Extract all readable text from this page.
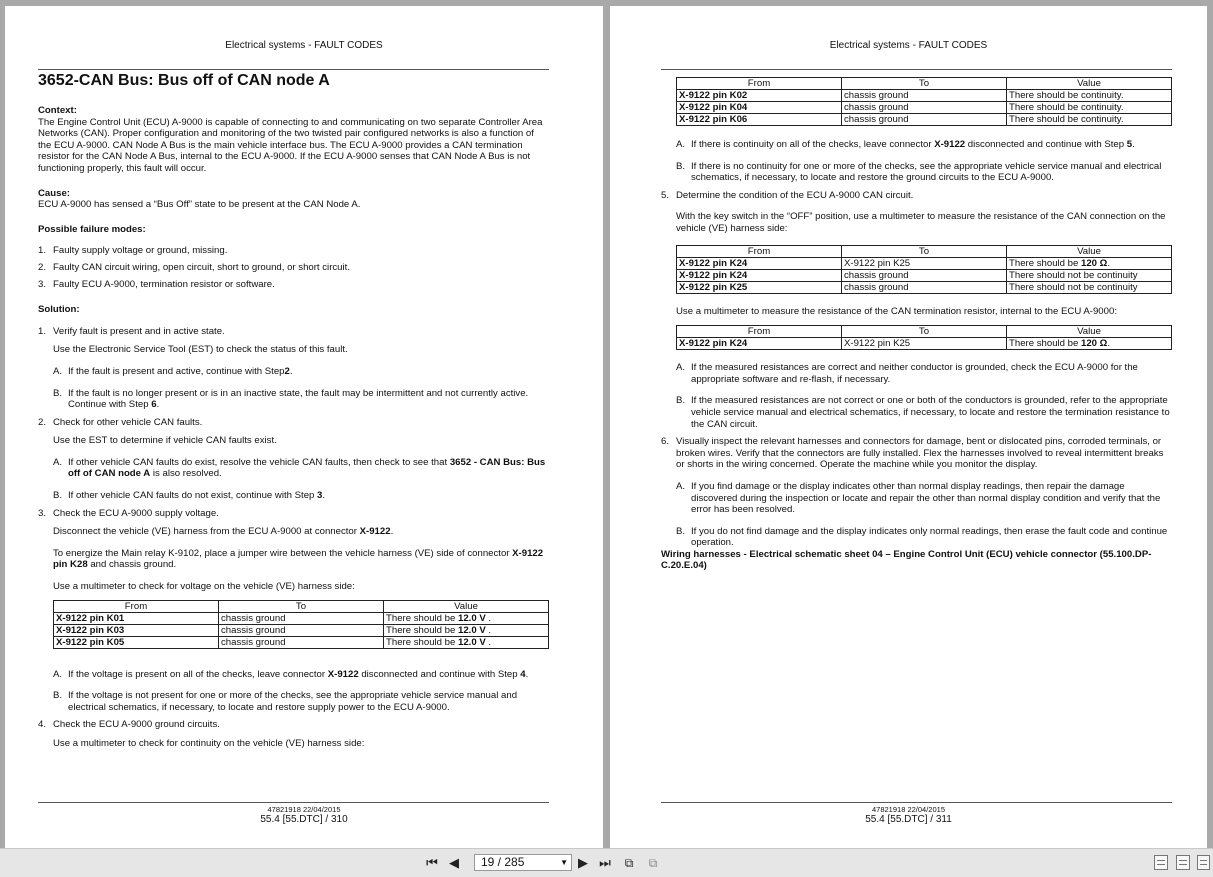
Electrical systems - FAULT CODES
3652-CAN Bus: Bus off of CAN node A

Context:

The Engine Control Unit (ECU) A-9000 is capable of connecting to and communicating on two separate Controller Area Networks (CAN). Proper configuration and monitoring of the two twisted pair configured networks is also a function of the ECU A-9000. CAN Node A Bus is the main vehicle interface bus. The ECU A-9000 provides a CAN termination resistor for the CAN Node A Bus, internal to the ECU A-9000. If the ECU A-9000 senses that CAN Node A Bus is not functioning properly, this fault will occur.

Cause:

ECU A-9000 has sensed a “Bus Off” state to be present at the CAN Node A.

Possible failure modes:

1. Faulty supply voltage or ground, missing.
2. Faulty CAN circuit wiring, open circuit, short to ground, or short circuit.
3. Faulty ECU A-9000, termination resistor or software.

Solution:

1. Verify fault is present and in active state.

Use the Electronic Service Tool (EST) to check the status of this fault.

A. If the fault is present and active, continue with Step2.
B. If the fault is no longer present or is in an inactive state, the fault may be intermittent and not currently active. Continue with Step 6.
2. Check for other vehicle CAN faults.

Use the EST to determine if vehicle CAN faults exist.

A. If other vehicle CAN faults do exist, resolve the vehicle CAN faults, then check to see that 3652 - CAN Bus: Bus off of CAN node A is also resolved.
B. If other vehicle CAN faults do not exist, continue with Step 3.
3. Check the ECU A-9000 supply voltage.

Disconnect the vehicle (VE) harness from the ECU A-9000 at connector X-9122.

To energize the Main relay K-9102, place a jumper wire between the vehicle harness (VE) side of connector X-9122 pin K28 and chassis ground.

Use a multimeter to check for voltage on the vehicle (VE) harness side:

From	To	Value
X-9122 pin K01	chassis ground	There should be 12.0 V .
X-9122 pin K03	chassis ground	There should be 12.0 V .
X-9122 pin K05	chassis ground	There should be 12.0 V .
A. If the voltage is present on all of the checks, leave connector X-9122 disconnected and continue with Step 4.
B. If the voltage is not present for one or more of the checks, see the appropriate vehicle service manual and electrical schematics, if necessary, to locate and restore supply power to the ECU A-9000.
4. Check the ECU A-9000 ground circuits.

Use a multimeter to check for continuity on the vehicle (VE) harness side:

47821918 22/04/2015
55.4 [55.DTC] / 310
Electrical systems - FAULT CODES
From	To	Value
X-9122 pin K02	chassis ground	There should be continuity.
X-9122 pin K04	chassis ground	There should be continuity.
X-9122 pin K06	chassis ground	There should be continuity.
A. If there is continuity on all of the checks, leave connector X-9122 disconnected and continue with Step 5.
B. If there is no continuity for one or more of the checks, see the appropriate vehicle service manual and electrical schematics, if necessary, to locate and restore the ground circuits to the ECU A-9000.
5. Determine the condition of the ECU A-9000 CAN circuit.

With the key switch in the “OFF” position, use a multimeter to measure the resistance of the CAN connection on the vehicle (VE) harness side:

From	To	Value
X-9122 pin K24	X-9122 pin K25	There should be 120 Ω.
X-9122 pin K24	chassis ground	There should not be continuity
X-9122 pin K25	chassis ground	There should not be continuity

Use a multimeter to measure the resistance of the CAN termination resistor, internal to the ECU A-9000:

From	To	Value
X-9122 pin K24	X-9122 pin K25	There should be 120 Ω.
A. If the measured resistances are correct and neither conductor is grounded, check the ECU A-9000 for the appropriate software and re-flash, if necessary.
B. If the measured resistances are not correct or one or both of the conductors is grounded, refer to the appropriate vehicle service manual and electrical schematics, if necessary, to locate and restore the termination resistance to the CAN circuit.
6. Visually inspect the relevant harnesses and connectors for damage, bent or dislocated pins, corroded terminals, or broken wires. Verify that the connectors are fully installed. Flex the harnesses involved to reveal intermittent breaks or shorts in the wiring concerned. Operate the machine while you monitor the display.
A. If you find damage or the display indicates other than normal display readings, then repair the damage discovered during the inspection or locate and repair the other than normal display condition and verify that the error has been resolved.
B. If you do not find damage and the display indicates only normal readings, then erase the fault code and continue operation.

Wiring harnesses - Electrical schematic sheet 04 – Engine Control Unit (ECU) vehicle connector (55.100.DP-C.20.E.04)

47821918 22/04/2015
55.4 [55.DTC] / 311
⏮ ◀ 19 / 285	▼ ▶ ⏭	⧉	⧉
